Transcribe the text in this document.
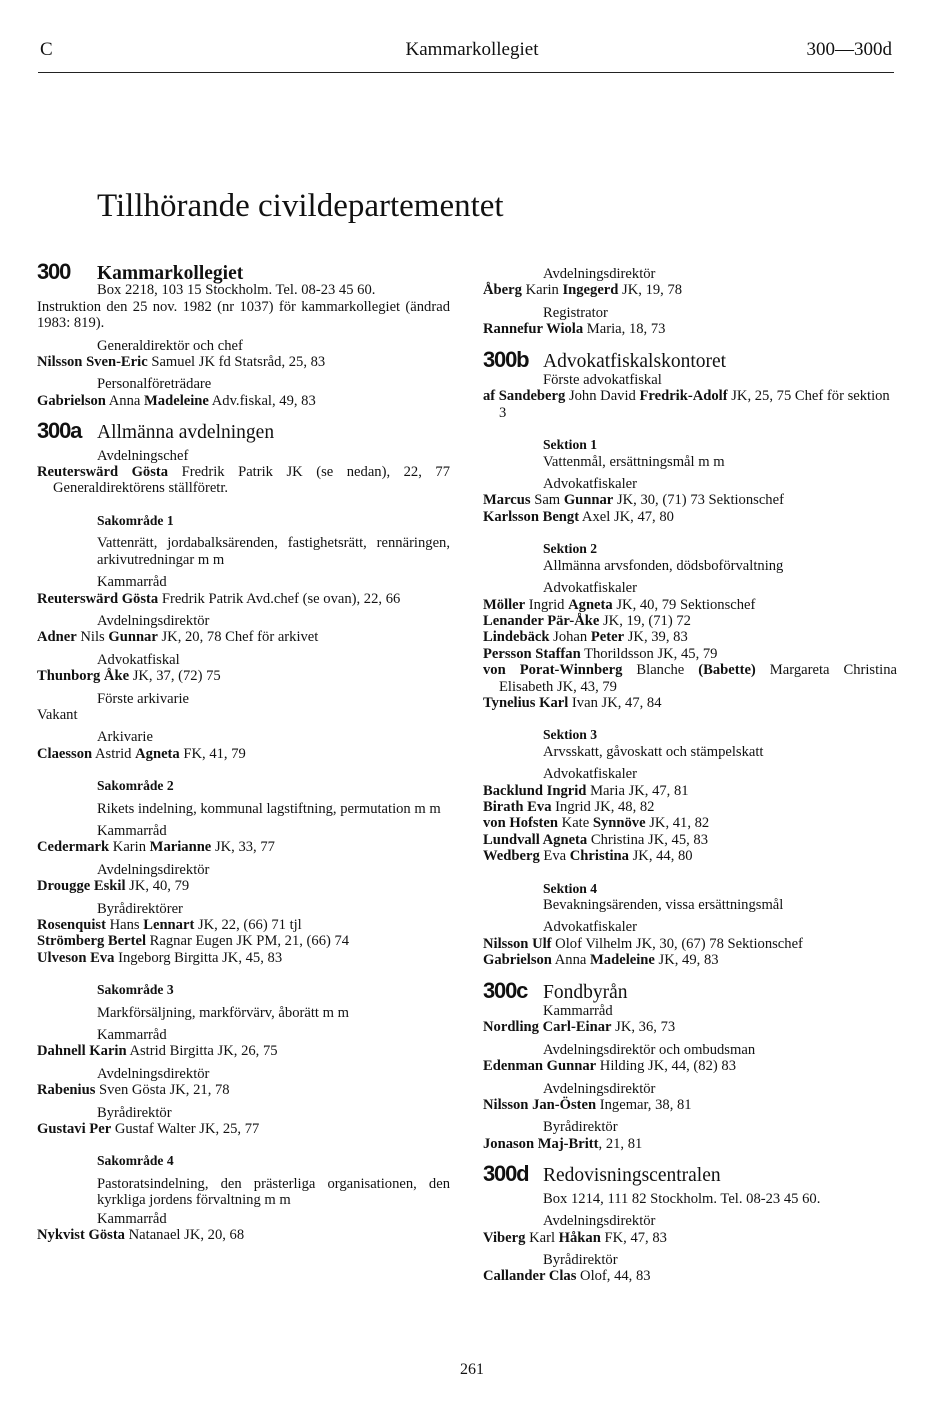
C	Kammarkollegiet	300—300d
Tillhörande civildepartementet
300	Kammarkollegiet
Box 2218, 103 15 Stockholm. Tel. 08-23 45 60.
Instruktion den 25 nov. 1982 (nr 1037) för kammarkollegiet (ändrad 1983: 819).
Generaldirektör och chef
Nilsson Sven-Eric Samuel JK fd Statsråd, 25, 83
Personalföreträdare
Gabrielson Anna Madeleine Adv.fiskal, 49, 83
300a Allmänna avdelningen
Avdelningschef
Reuterswärd Gösta Fredrik Patrik JK (se nedan), 22, 77 Generaldirektörens ställföretr.
Sakområde 1
Vattenrätt, jordabalksärenden, fastighetsrätt, rennäringen, arkivutredningar m m
Kammarråd
Reuterswärd Gösta Fredrik Patrik Avd.chef (se ovan), 22, 66
Avdelningsdirektör
Adner Nils Gunnar JK, 20, 78 Chef för arkivet
Advokatfiskal
Thunborg Åke JK, 37, (72) 75
Förste arkivarie
Vakant
Arkivarie
Claesson Astrid Agneta FK, 41, 79
Sakområde 2
Rikets indelning, kommunal lagstiftning, permutation m m
Kammarråd
Cedermark Karin Marianne JK, 33, 77
Avdelningsdirektör
Drougge Eskil JK, 40, 79
Byrådirektörer
Rosenquist Hans Lennart JK, 22, (66) 71 tjl
Strömberg Bertel Ragnar Eugen JK PM, 21, (66) 74
Ulveson Eva Ingeborg Birgitta JK, 45, 83
Sakområde 3
Markförsäljning, markförvärv, åborätt m m
Kammarråd
Dahnell Karin Astrid Birgitta JK, 26, 75
Avdelningsdirektör
Rabenius Sven Gösta JK, 21, 78
Byrådirektör
Gustavi Per Gustaf Walter JK, 25, 77
Sakområde 4
Pastoratsindelning, den prästerliga organisationen, den kyrkliga jordens förvaltning m m
Kammarråd
Nykvist Gösta Natanael JK, 20, 68
Avdelningsdirektör
Åberg Karin Ingegerd JK, 19, 78
Registrator
Rannefur Wiola Maria, 18, 73
300b Advokatfiskalskontoret
Förste advokatfiskal
af Sandeberg John David Fredrik-Adolf JK, 25, 75 Chef för sektion 3
Sektion 1
Vattenmål, ersättningsmål m m
Advokatfiskaler
Marcus Sam Gunnar JK, 30, (71) 73 Sektionschef
Karlsson Bengt Axel JK, 47, 80
Sektion 2
Allmänna arvsfonden, dödsboförvaltning
Advokatfiskaler
Möller Ingrid Agneta JK, 40, 79 Sektionschef
Lenander Pär-Åke JK, 19, (71) 72
Lindebäck Johan Peter JK, 39, 83
Persson Staffan Thorildsson JK, 45, 79
von Porat-Winnberg Blanche (Babette) Margareta Christina Elisabeth JK, 43, 79
Tynelius Karl Ivan JK, 47, 84
Sektion 3
Arvsskatt, gåvoskatt och stämpelskatt
Advokatfiskaler
Backlund Ingrid Maria JK, 47, 81
Birath Eva Ingrid JK, 48, 82
von Hofsten Kate Synnöve JK, 41, 82
Lundvall Agneta Christina JK, 45, 83
Wedberg Eva Christina JK, 44, 80
Sektion 4
Bevakningsärenden, vissa ersättningsmål
Advokatfiskaler
Nilsson Ulf Olof Vilhelm JK, 30, (67) 78 Sektionschef
Gabrielson Anna Madeleine JK, 49, 83
300c Fondbyrån
Kammarråd
Nordling Carl-Einar JK, 36, 73
Avdelningsdirektör och ombudsman
Edenman Gunnar Hilding JK, 44, (82) 83
Avdelningsdirektör
Nilsson Jan-Östen Ingemar, 38, 81
Byrådirektör
Jonason Maj-Britt, 21, 81
300d Redovisningscentralen
Box 1214, 111 82 Stockholm. Tel. 08-23 45 60.
Avdelningsdirektör
Viberg Karl Håkan FK, 47, 83
Byrådirektör
Callander Clas Olof, 44, 83
261
